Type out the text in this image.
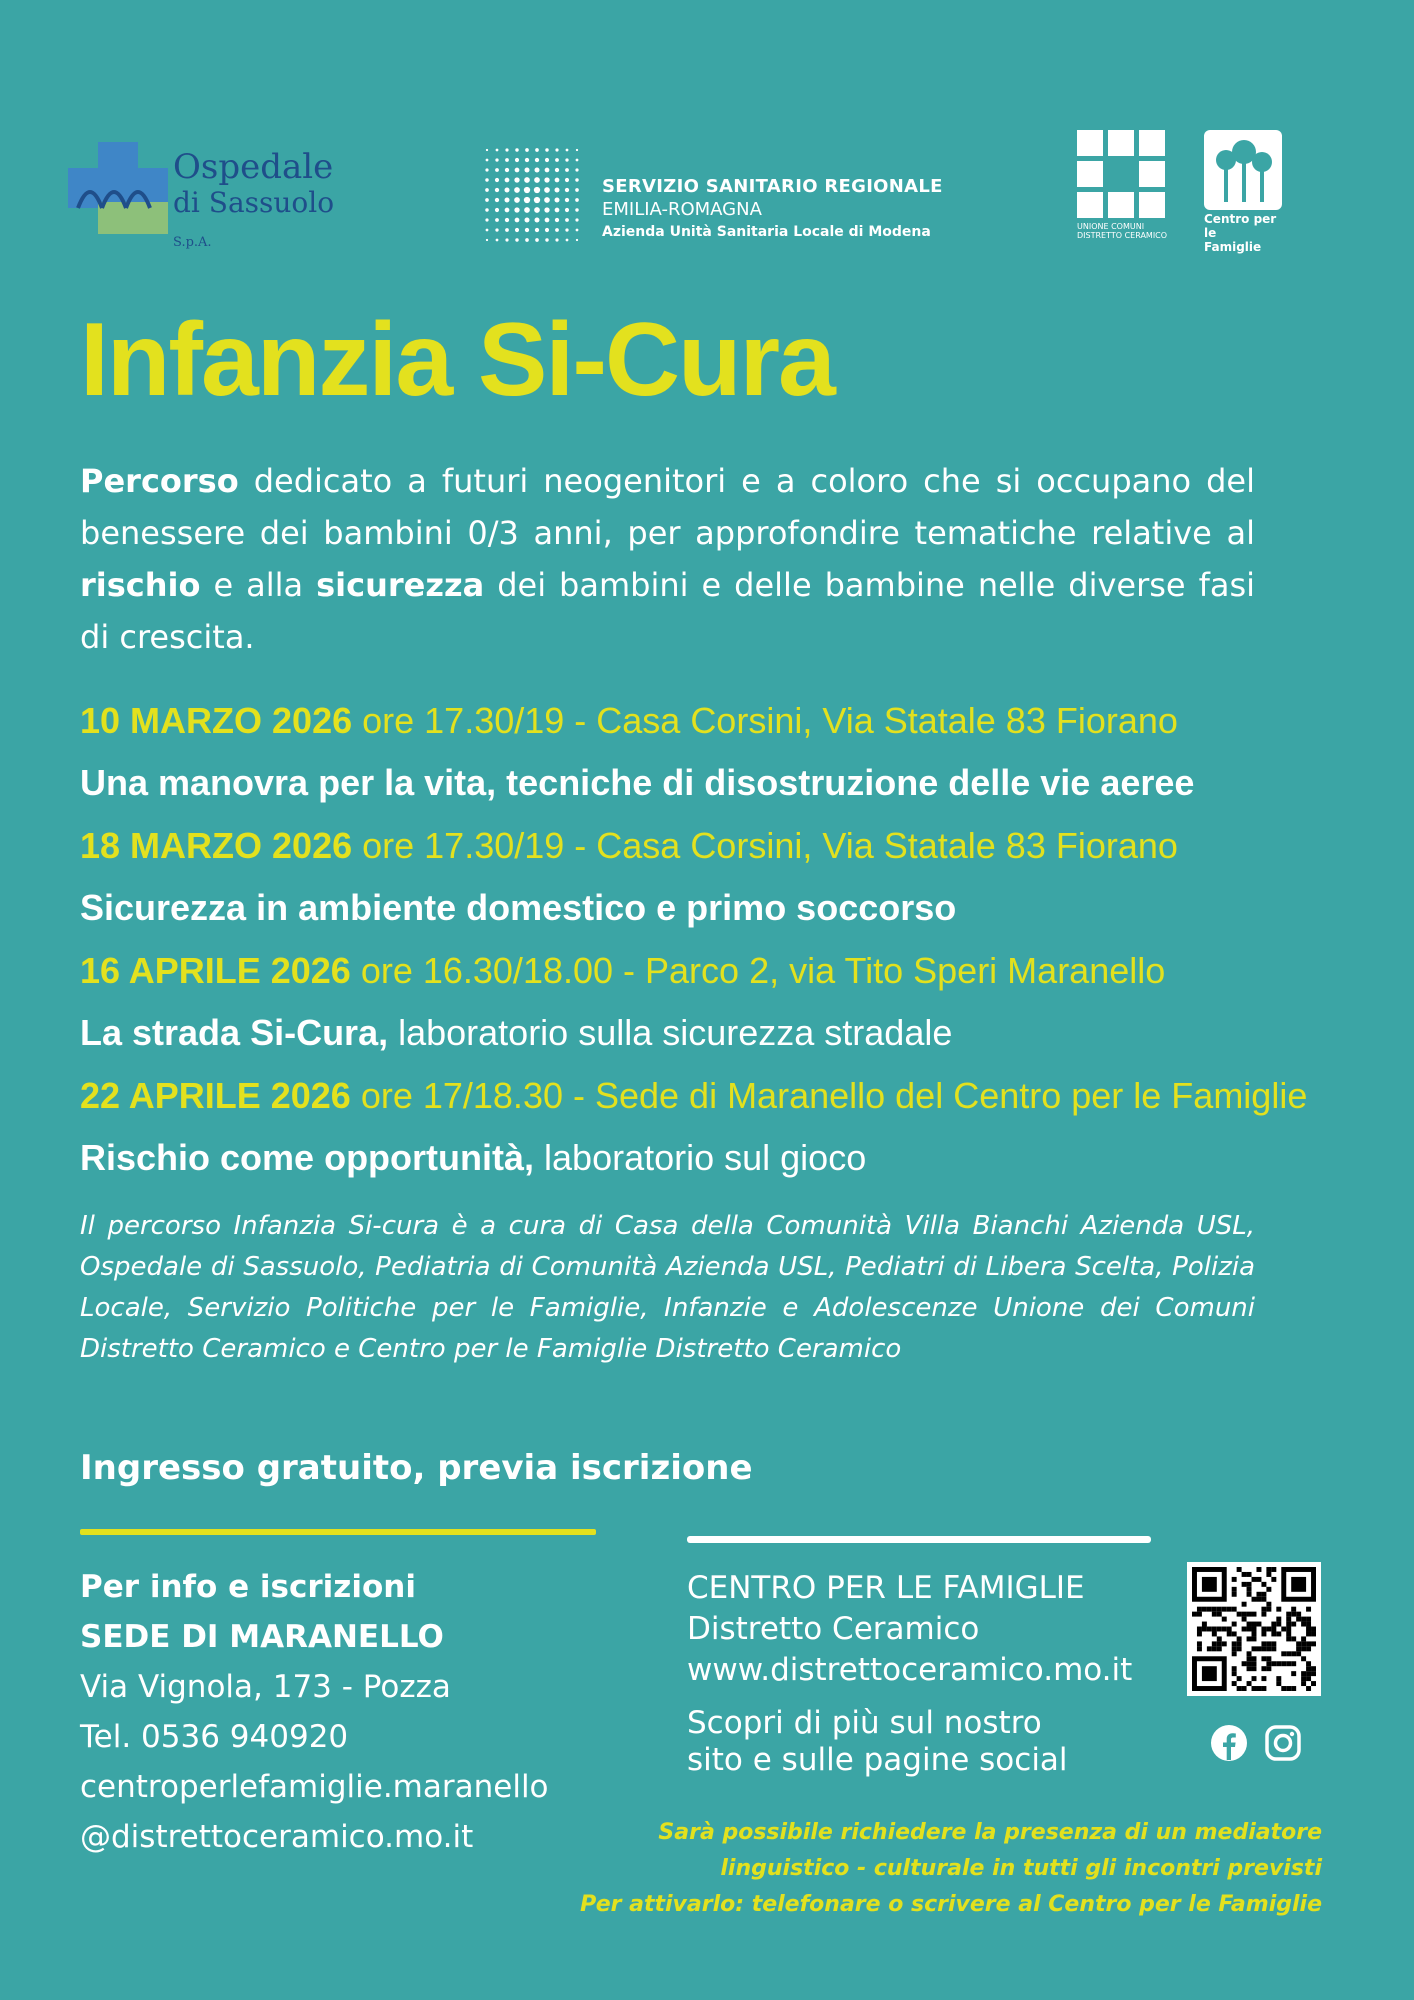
Ospedale
di Sassuolo S.p.A.
SERVIZIO SANITARIO REGIONALE
EMILIA-ROMAGNA
Azienda Unità Sanitaria Locale di Modena	UNIONE COMUNI
DISTRETTO CERAMICO
Centro per le
Famiglie
Infanzia Si-Cura
Percorso dedicato a futuri neogenitori e a coloro che si occupano del benessere dei bambini 0/3 anni, per approfondire tematiche relative al rischio e alla sicurezza dei bambini e delle bambine nelle diverse fasi di crescita.
10 MARZO 2026 ore 17.30/19 - Casa Corsini, Via Statale 83 Fiorano
Una manovra per la vita, tecniche di disostruzione delle vie aeree
18 MARZO 2026 ore 17.30/19 - Casa Corsini, Via Statale 83 Fiorano
Sicurezza in ambiente domestico e primo soccorso
16 APRILE 2026 ore 16.30/18.00 - Parco 2, via Tito Speri Maranello
La strada Si-Cura, laboratorio sulla sicurezza stradale
22 APRILE 2026 ore 17/18.30 - Sede di Maranello del Centro per le Famiglie
Rischio come opportunità, laboratorio sul gioco
Il percorso Infanzia Si-cura è a cura di Casa della Comunità Villa Bianchi Azienda USL, Ospedale di Sassuolo, Pediatria di Comunità Azienda USL, Pediatri di Libera Scelta, Polizia Locale, Servizio Politiche per le Famiglie, Infanzie e Adolescenze Unione dei Comuni Distretto Ceramico e Centro per le Famiglie Distretto Ceramico
Ingresso gratuito, previa iscrizione
Per info e iscrizioni
SEDE DI MARANELLO
Via Vignola, 173 - Pozza
Tel. 0536 940920
centroperlefamiglie.maranello
@distrettoceramico.mo.it
CENTRO PER LE FAMIGLIE
Distretto Ceramico
www.distrettoceramico.mo.it
Scopri di più sul nostro
sito e sulle pagine social
Sarà possibile richiedere la presenza di un mediatore
linguistico - culturale in tutti gli incontri previsti
Per attivarlo: telefonare o scrivere al Centro per le Famiglie
